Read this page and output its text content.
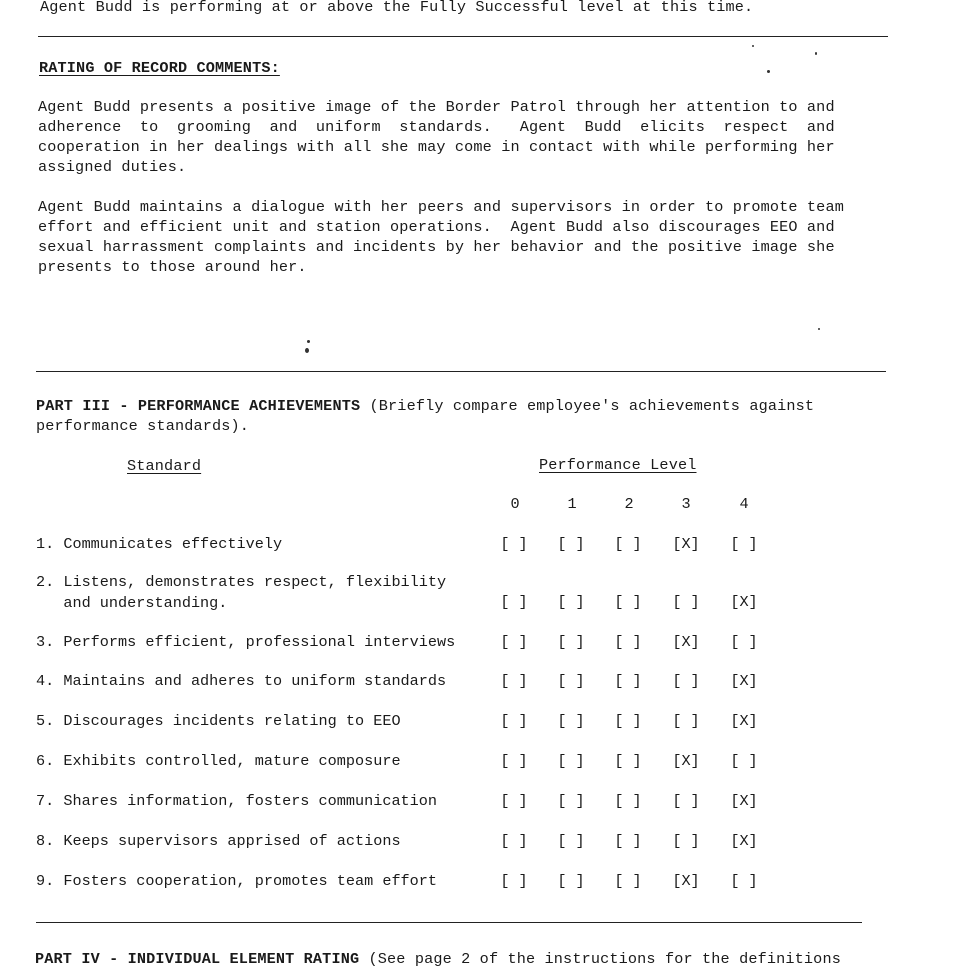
Agent Budd is performing at or above the Fully Successful level at this time.
RATING OF RECORD COMMENTS:
Agent Budd presents a positive image of the Border Patrol through her attention to and
adherence  to  grooming  and  uniform  standards.   Agent  Budd  elicits  respect  and
cooperation in her dealings with all she may come in contact with while performing her
assigned duties.
Agent Budd maintains a dialogue with her peers and supervisors in order to promote team
effort and efficient unit and station operations.  Agent Budd also discourages EEO and
sexual harrassment complaints and incidents by her behavior and the positive image she
presents to those around her.
PART III - PERFORMANCE ACHIEVEMENTS (Briefly compare employee's achievements against
performance standards).
Standard	Performance Level
0	1	2	3	4
1. Communicates effectively	[ ]	[ ]	[ ]	[X]	[ ]
2. Listens, demonstrates respect, flexibility
and understanding.	[ ]	[ ]	[ ]	[ ]	[X]
3. Performs efficient, professional interviews	[ ]	[ ]	[ ]	[X]	[ ]
4. Maintains and adheres to uniform standards	[ ]	[ ]	[ ]	[ ]	[X]
5. Discourages incidents relating to EEO	[ ]	[ ]	[ ]	[ ]	[X]
6. Exhibits controlled, mature composure	[ ]	[ ]	[ ]	[X]	[ ]
7. Shares information, fosters communication	[ ]	[ ]	[ ]	[ ]	[X]
8. Keeps supervisors apprised of actions	[ ]	[ ]	[ ]	[ ]	[X]
9. Fosters cooperation, promotes team effort	[ ]	[ ]	[ ]	[X]	[ ]
PART IV - INDIVIDUAL ELEMENT RATING (See page 2 of the instructions for the definitions
